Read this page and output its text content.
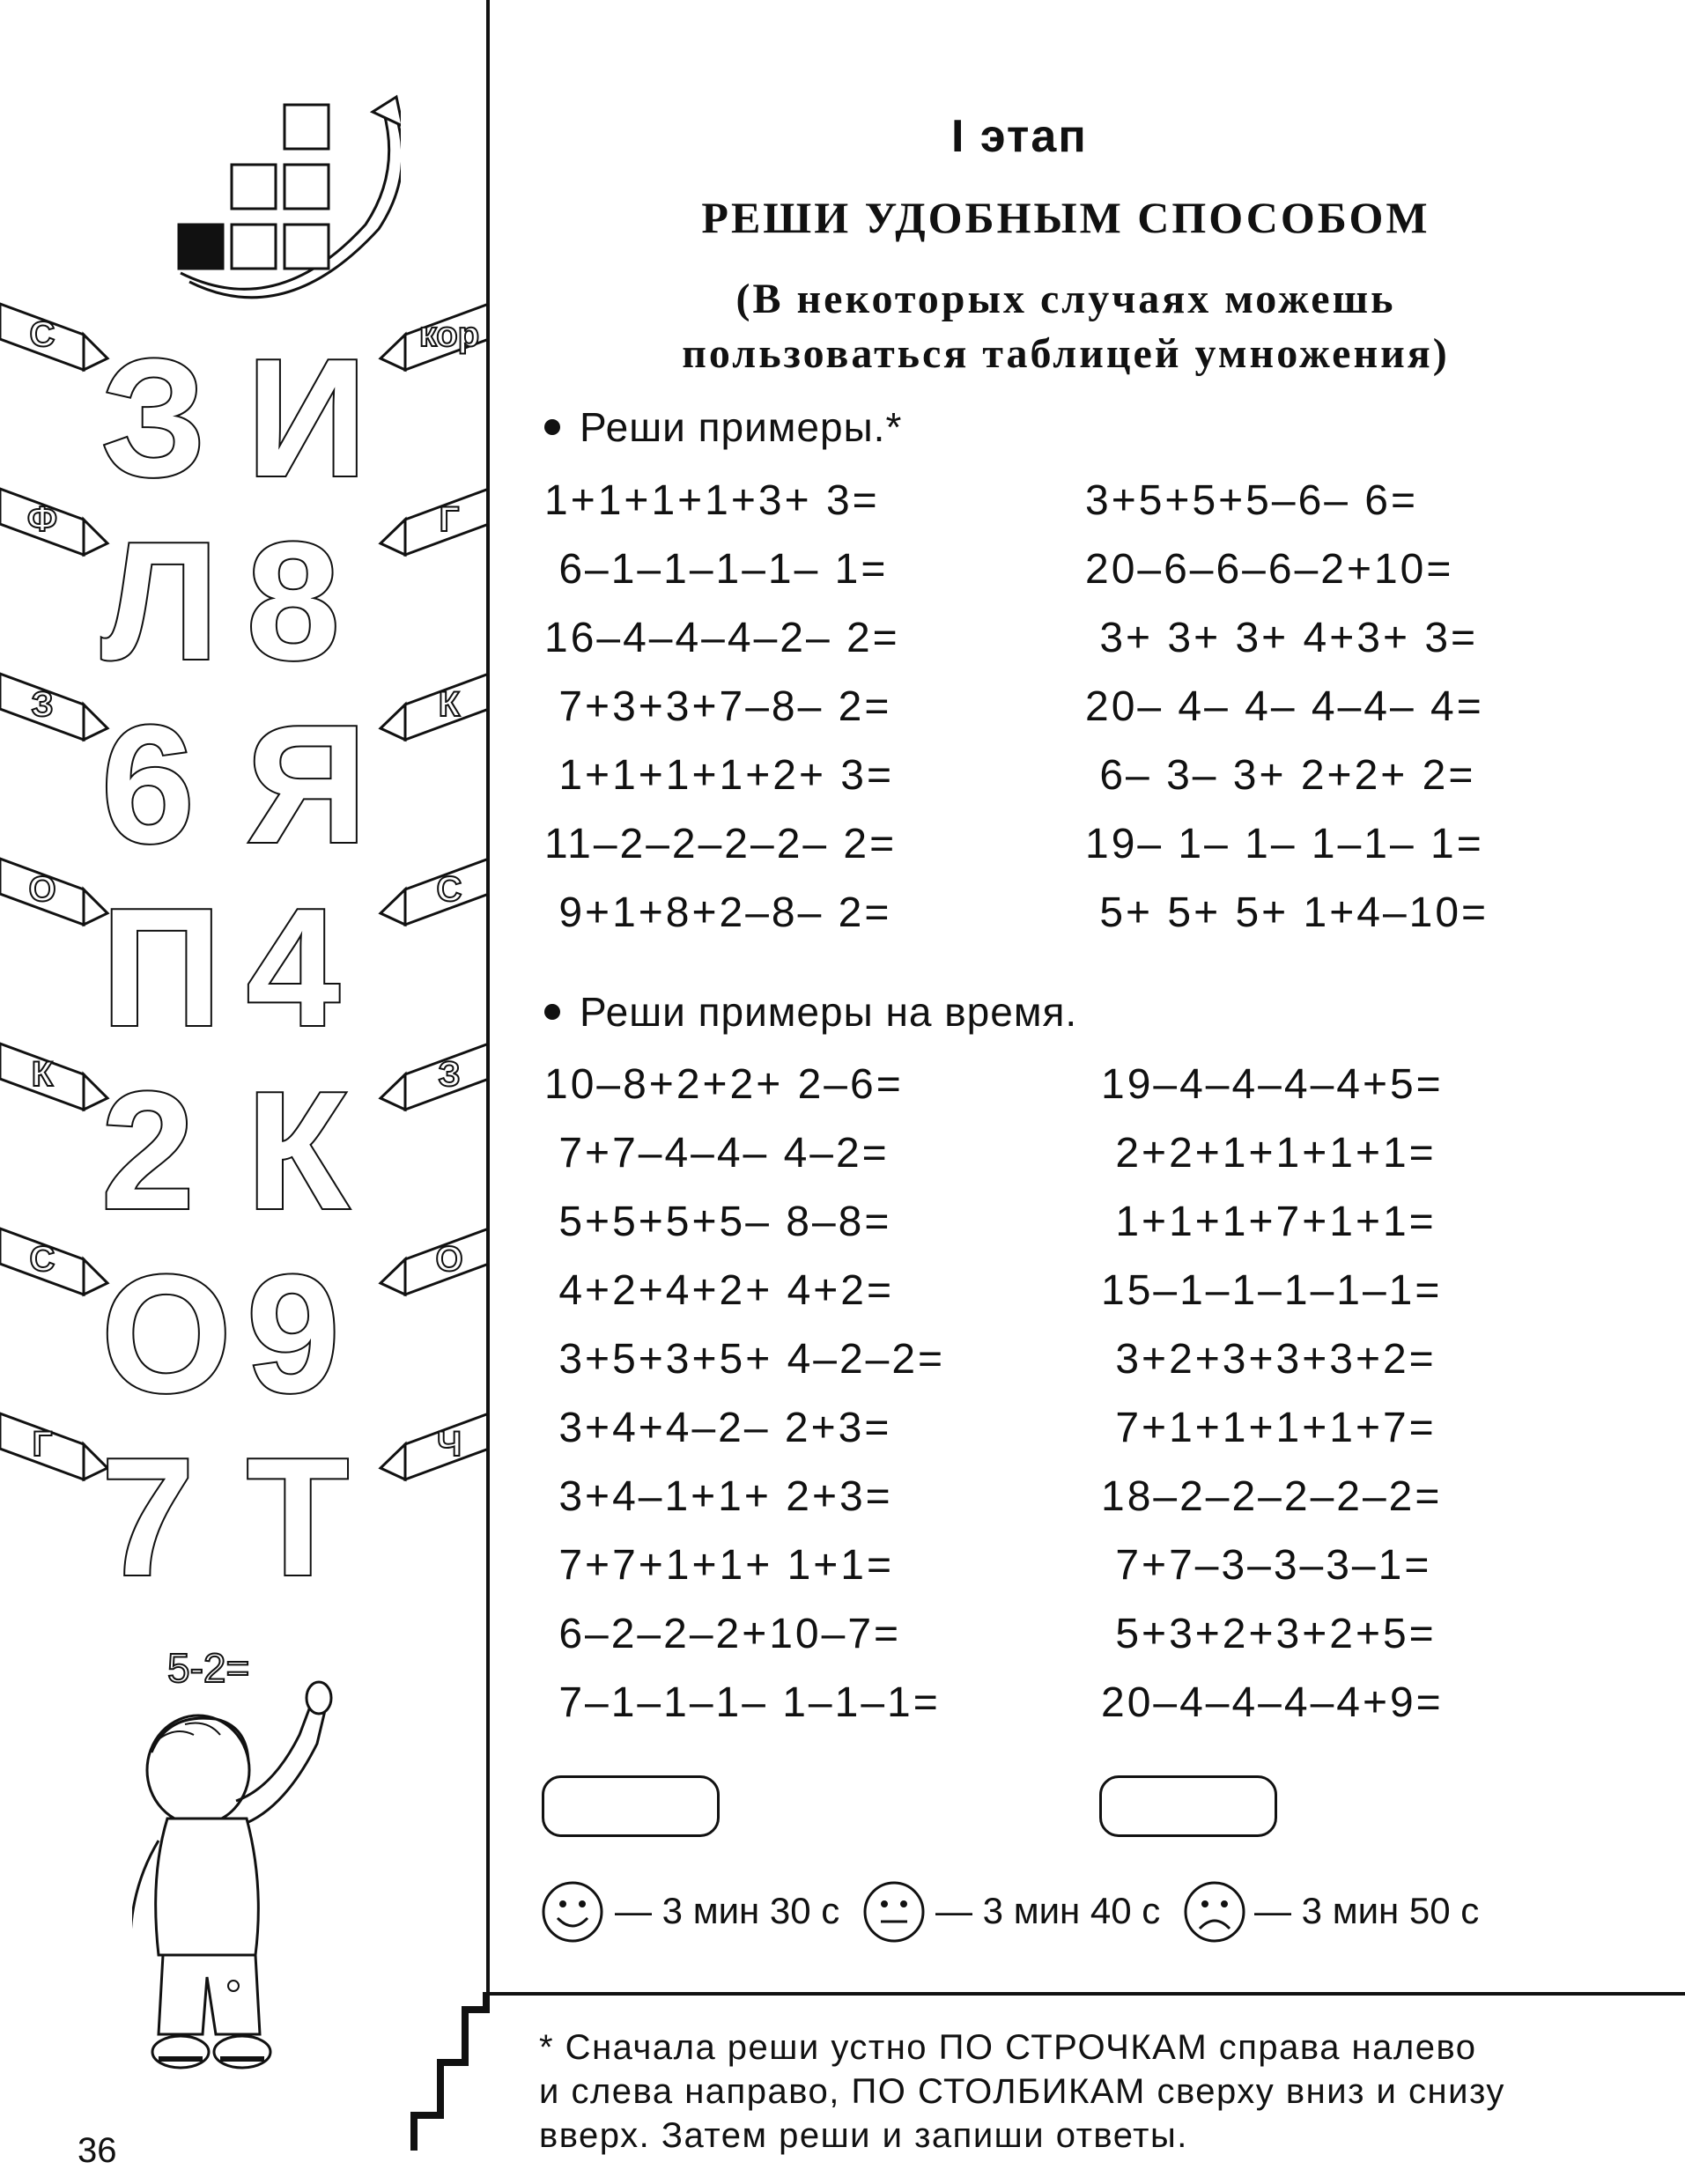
С
Ф
З
О
К
С
Г
кор
Г
К
С
З
О
Ч
З И
Л 8
6 Я
П 4
2 К
О 9
7 Т
5-2=
I этап
РЕШИ УДОБНЫМ СПОСОБОМ
(В некоторых случаях можешь
пользоваться таблицей умножения)
Реши примеры.*
1+1+1+1+3+ 3=
6–1–1–1–1– 1=
16–4–4–4–2– 2=
7+3+3+7–8– 2=
1+1+1+1+2+ 3=
11–2–2–2–2– 2=
9+1+8+2–8– 2=
3+5+5+5–6– 6=
20–6–6–6–2+10=
3+ 3+ 3+ 4+3+ 3=
20– 4– 4– 4–4– 4=
6– 3– 3+ 2+2+ 2=
19– 1– 1– 1–1– 1=
5+ 5+ 5+ 1+4–10=
Реши примеры на время.
10–8+2+2+ 2–6=
7+7–4–4– 4–2=
5+5+5+5– 8–8=
4+2+4+2+ 4+2=
3+5+3+5+ 4–2–2=
3+4+4–2– 2+3=
3+4–1+1+ 2+3=
7+7+1+1+ 1+1=
6–2–2–2+10–7=
7–1–1–1– 1–1–1=
19–4–4–4–4+5=
2+2+1+1+1+1=
1+1+1+7+1+1=
15–1–1–1–1–1=
3+2+3+3+3+2=
7+1+1+1+1+7=
18–2–2–2–2–2=
7+7–3–3–3–1=
5+3+2+3+2+5=
20–4–4–4–4+9=
— 3 мин 30 с	— 3 мин 40 с	— 3 мин 50 с
* Сначала реши устно ПО СТРОЧКАМ справа налево
и слева направо, ПО СТОЛБИКАМ сверху вниз и снизу
вверх. Затем реши и запиши ответы.
36
